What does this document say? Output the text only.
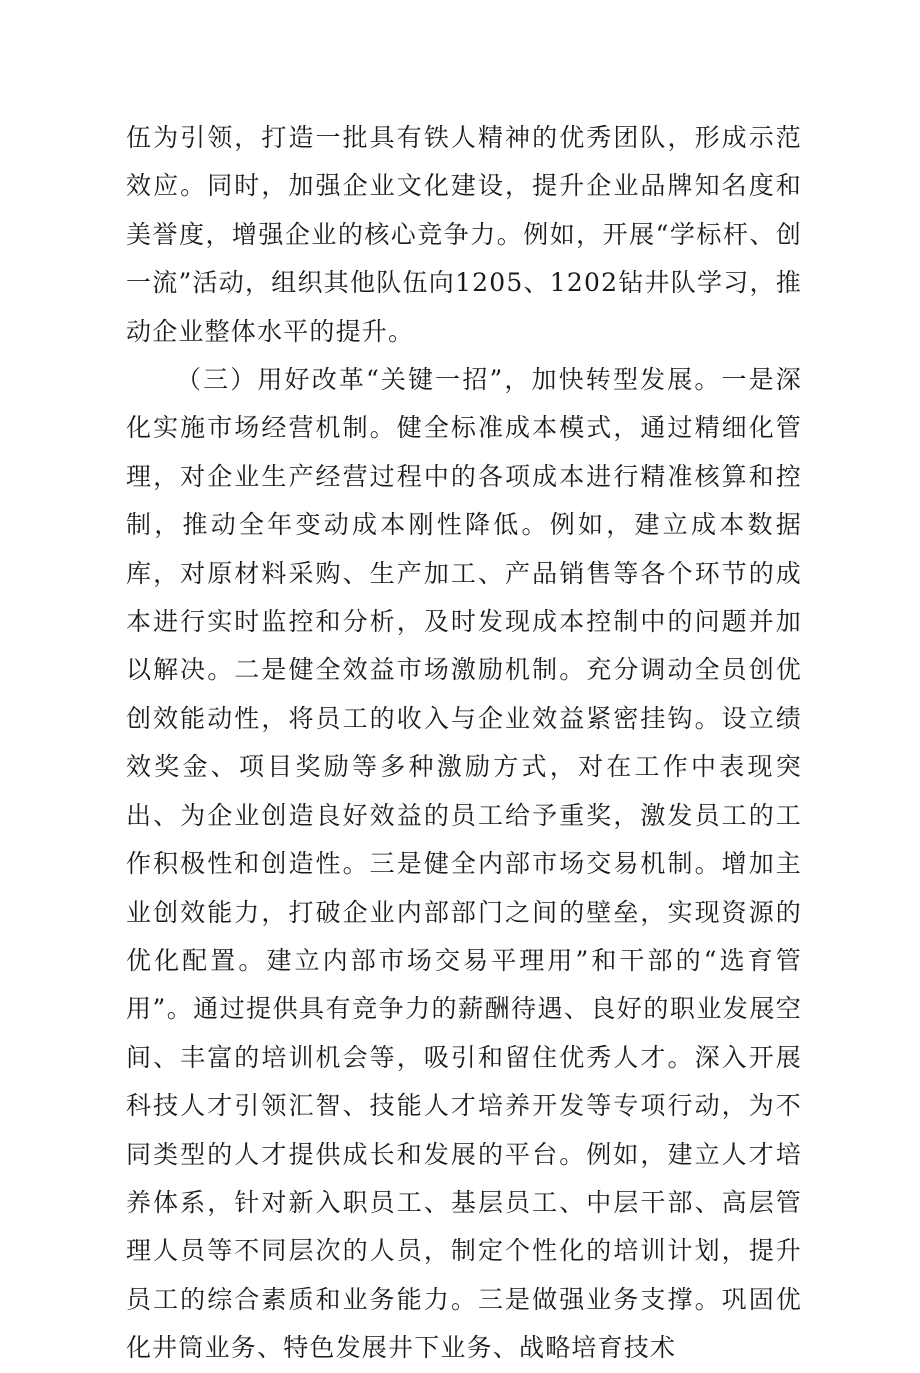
伍为引领，打造一批具有铁人精神的优秀团队，形成示范效应。同时，加强企业文化建设，提升企业品牌知名度和美誉度，增强企业的核心竞争力。例如，开展“学标杆、创一流”活动，组织其他队伍向1205、1202钻井队学习，推动企业整体水平的提升。

（三）用好改革“关键一招”，加快转型发展。一是深化实施市场经营机制。健全标准成本模式，通过精细化管理，对企业生产经营过程中的各项成本进行精准核算和控制，推动全年变动成本刚性降低。例如，建立成本数据库，对原材料采购、生产加工、产品销售等各个环节的成本进行实时监控和分析，及时发现成本控制中的问题并加以解决。二是健全效益市场激励机制。充分调动全员创优创效能动性，将员工的收入与企业效益紧密挂钩。设立绩效奖金、项目奖励等多种激励方式，对在工作中表现突出、为企业创造良好效益的员工给予重奖，激发员工的工作积极性和创造性。三是健全内部市场交易机制。增加主业创效能力，打破企业内部部门之间的壁垒，实现资源的优化配置。建立内部市场交易平理用”和干部的“选育管用”。通过提供具有竞争力的薪酬待遇、良好的职业发展空间、丰富的培训机会等，吸引和留住优秀人才。深入开展科技人才引领汇智、技能人才培养开发等专项行动，为不同类型的人才提供成长和发展的平台。例如，建立人才培养体系，针对新入职员工、基层员工、中层干部、高层管理人员等不同层次的人员，制定个性化的培训计划，提升员工的综合素质和业务能力。三是做强业务支撑。巩固优化井筒业务、特色发展井下业务、战略培育技术
